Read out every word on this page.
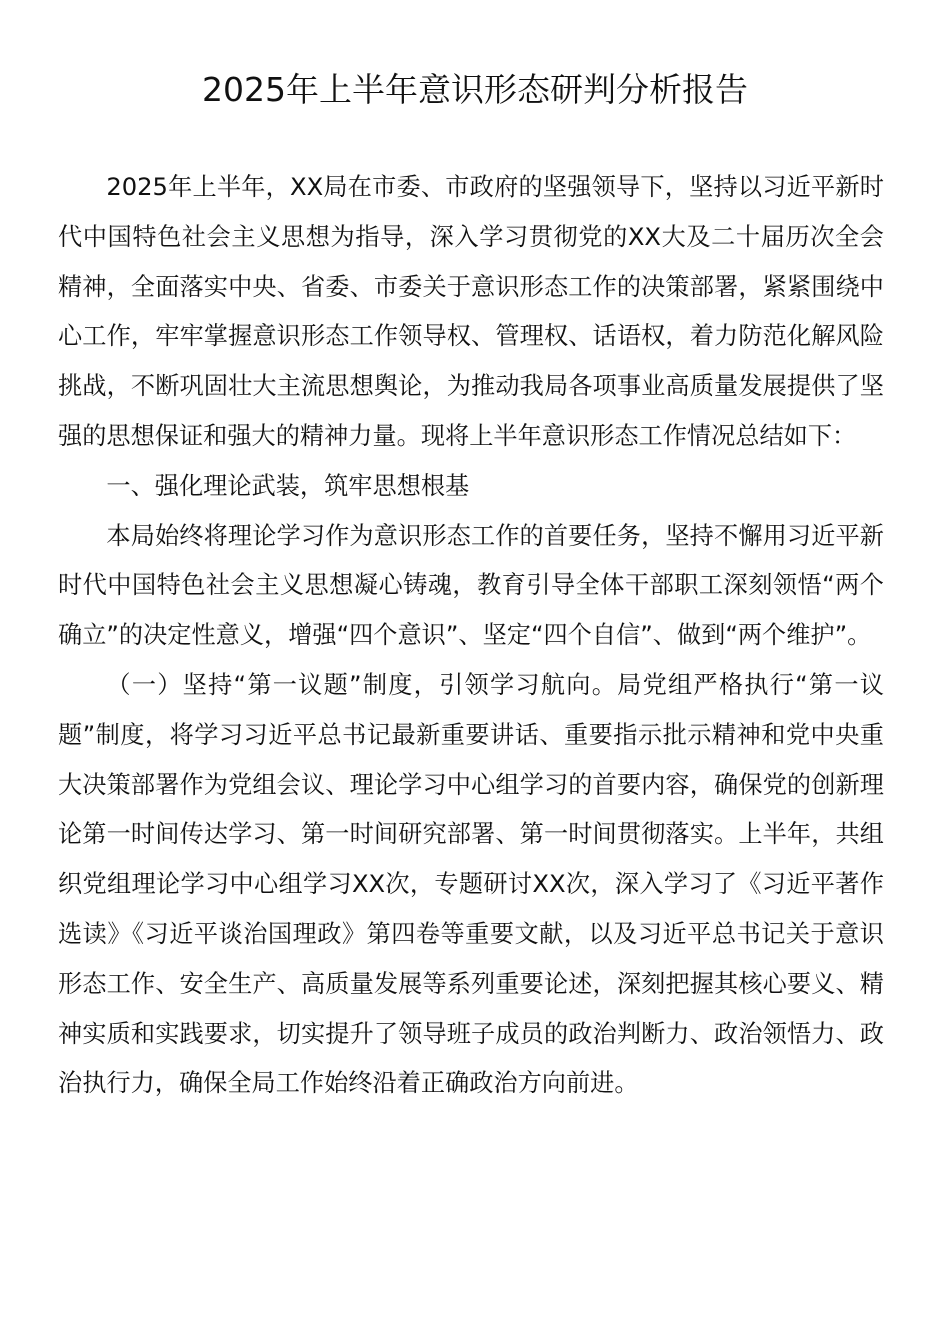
2025年上半年意识形态研判分析报告

2025年上半年，XX局在市委、市政府的坚强领导下，坚持以习近平新时代中国特色社会主义思想为指导，深入学习贯彻党的XX大及二十届历次全会精神，全面落实中央、省委、市委关于意识形态工作的决策部署，紧紧围绕中心工作，牢牢掌握意识形态工作领导权、管理权、话语权，着力防范化解风险挑战，不断巩固壮大主流思想舆论，为推动我局各项事业高质量发展提供了坚强的思想保证和强大的精神力量。现将上半年意识形态工作情况总结如下：

一、强化理论武装，筑牢思想根基

本局始终将理论学习作为意识形态工作的首要任务，坚持不懈用习近平新时代中国特色社会主义思想凝心铸魂，教育引导全体干部职工深刻领悟“两个确立”的决定性意义，增强“四个意识”、坚定“四个自信”、做到“两个维护”。

（一）坚持“第一议题”制度，引领学习航向。局党组严格执行“第一议题”制度，将学习习近平总书记最新重要讲话、重要指示批示精神和党中央重大决策部署作为党组会议、理论学习中心组学习的首要内容，确保党的创新理论第一时间传达学习、第一时间研究部署、第一时间贯彻落实。上半年，共组织党组理论学习中心组学习XX次，专题研讨XX次，深入学习了《习近平著作选读》《习近平谈治国理政》第四卷等重要文献，以及习近平总书记关于意识形态工作、安全生产、高质量发展等系列重要论述，深刻把握其核心要义、精神实质和实践要求，切实提升了领导班子成员的政治判断力、政治领悟力、政治执行力，确保全局工作始终沿着正确政治方向前进。
